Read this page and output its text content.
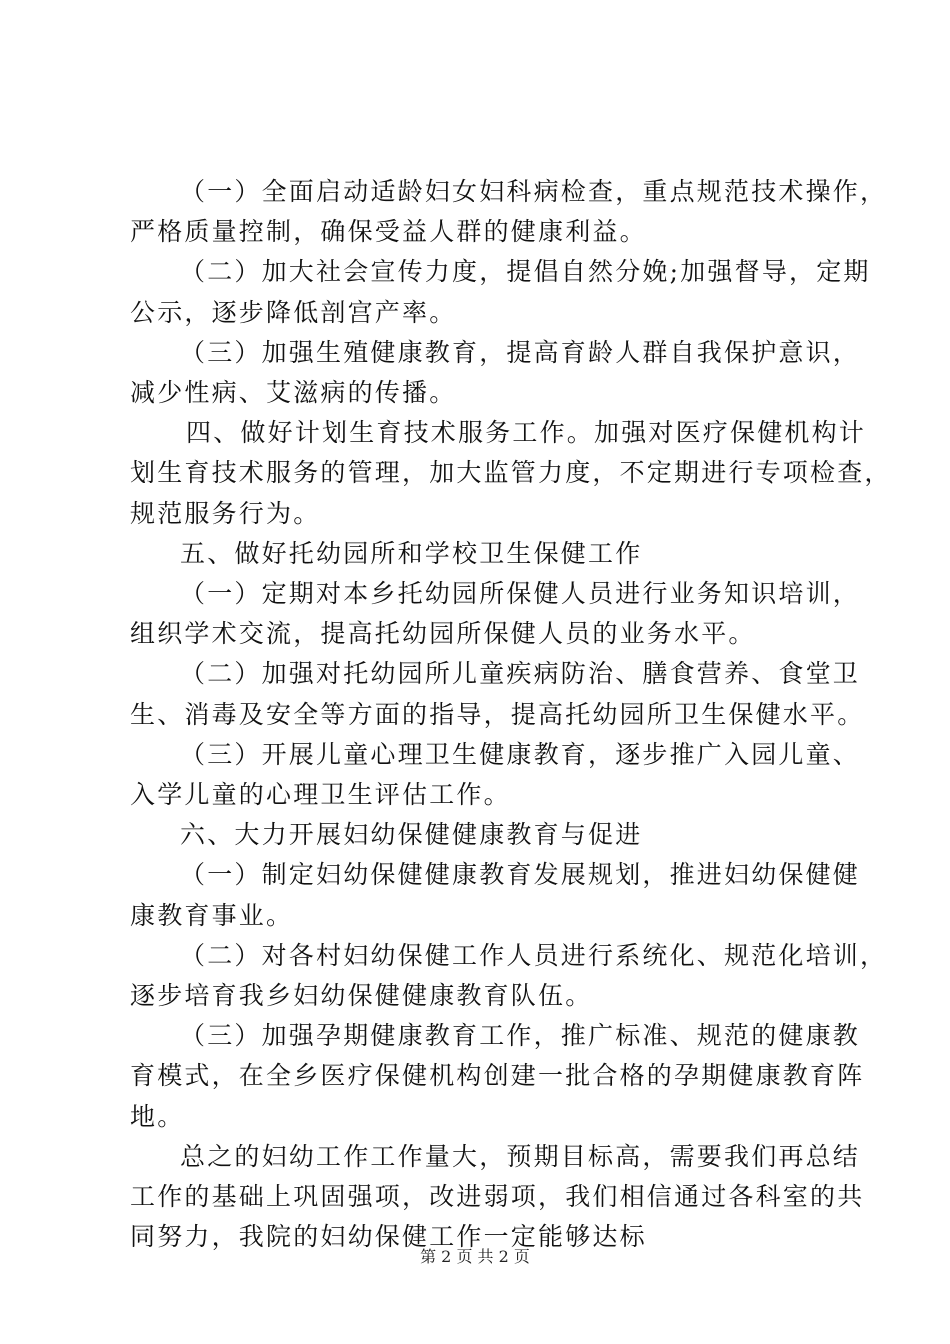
（一）全面启动适龄妇女妇科病检查，重点规范技术操作，
严格质量控制，确保受益人群的健康利益。
（二）加大社会宣传力度，提倡自然分娩;加强督导，定期
公示，逐步降低剖宫产率。
（三）加强生殖健康教育，提高育龄人群自我保护意识，
减少性病、艾滋病的传播。
四、做好计划生育技术服务工作。加强对医疗保健机构计
划生育技术服务的管理，加大监管力度，不定期进行专项检查，
规范服务行为。
五、做好托幼园所和学校卫生保健工作
（一）定期对本乡托幼园所保健人员进行业务知识培训，
组织学术交流，提高托幼园所保健人员的业务水平。
（二）加强对托幼园所儿童疾病防治、膳食营养、食堂卫
生、消毒及安全等方面的指导，提高托幼园所卫生保健水平。
（三）开展儿童心理卫生健康教育，逐步推广入园儿童、
入学儿童的心理卫生评估工作。
六、大力开展妇幼保健健康教育与促进
（一）制定妇幼保健健康教育发展规划，推进妇幼保健健
康教育事业。
（二）对各村妇幼保健工作人员进行系统化、规范化培训，
逐步培育我乡妇幼保健健康教育队伍。
（三）加强孕期健康教育工作，推广标准、规范的健康教
育模式，在全乡医疗保健机构创建一批合格的孕期健康教育阵
地。
总之的妇幼工作工作量大，预期目标高，需要我们再总结
工作的基础上巩固强项，改进弱项，我们相信通过各科室的共
同努力，我院的妇幼保健工作一定能够达标
第 2 页 共 2 页
